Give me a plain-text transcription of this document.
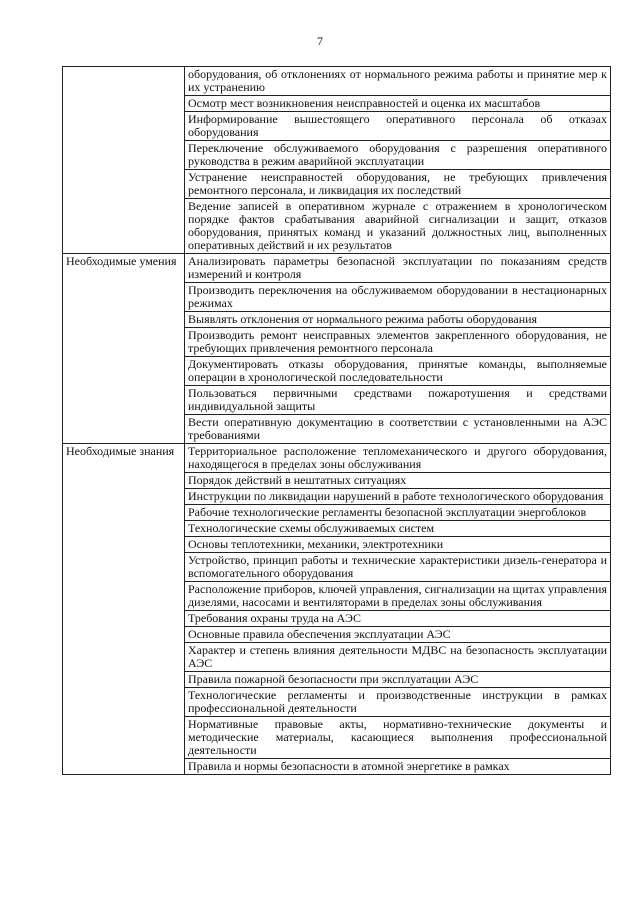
7
	оборудования, об отклонениях от нормального режима работы и принятие мер к их устранению
	Осмотр мест возникновения неисправностей и оценка их масштабов
	Информирование вышестоящего оперативного персонала об отказах оборудования
	Переключение обслуживаемого оборудования с разрешения оперативного руководства в режим аварийной эксплуатации
	Устранение неисправностей оборудования, не требующих привлечения ремонтного персонала, и ликвидация их последствий
	Ведение записей в оперативном журнале с отражением в хронологическом порядке фактов срабатывания аварийной сигнализации и защит, отказов оборудования, принятых команд и указаний должностных лиц, выполненных оперативных действий и их результатов
Необходимые умения	Анализировать параметры безопасной эксплуатации по показаниям средств измерений и контроля
	Производить переключения на обслуживаемом оборудовании в нестационарных режимах
	Выявлять отклонения от нормального режима работы оборудования
	Производить ремонт неисправных элементов закрепленного оборудования, не требующих привлечения ремонтного персонала
	Документировать отказы оборудования, принятые команды, выполняемые операции в хронологической последовательности
	Пользоваться первичными средствами пожаротушения и средствами индивидуальной защиты
	Вести оперативную документацию в соответствии с установленными на АЭС требованиями
Необходимые знания	Территориальное расположение тепломеханического и другого оборудования, находящегося в пределах зоны обслуживания
	Порядок действий в нештатных ситуациях
	Инструкции по ликвидации нарушений в работе технологического оборудования
	Рабочие технологические регламенты безопасной эксплуатации энергоблоков
	Технологические схемы обслуживаемых систем
	Основы теплотехники, механики, электротехники
	Устройство, принцип работы и технические характеристики дизель-генератора и вспомогательного оборудования
	Расположение приборов, ключей управления, сигнализации на щитах управления дизелями, насосами и вентиляторами в пределах зоны обслуживания
	Требования охраны труда на АЭС
	Основные правила обеспечения эксплуатации АЭС
	Характер и степень влияния деятельности МДВС на безопасность эксплуатации АЭС
	Правила пожарной безопасности при эксплуатации АЭС
	Технологические регламенты и производственные инструкции в рамках профессиональной деятельности
	Нормативные правовые акты, нормативно-технические документы и методические материалы, касающиеся выполнения профессиональной деятельности
	Правила и нормы безопасности в атомной энергетике в рамках
